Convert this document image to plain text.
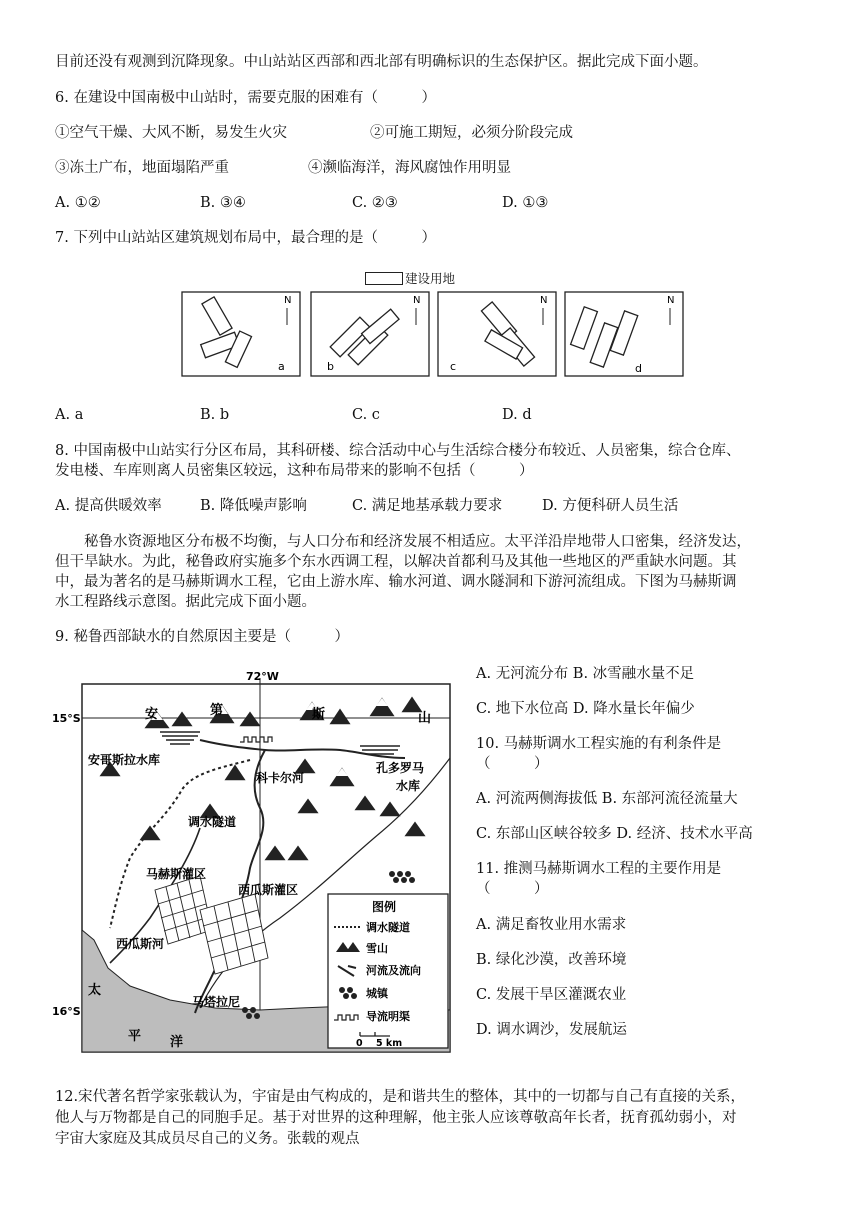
目前还没有观测到沉降现象。中山站站区西部和西北部有明确标识的生态保护区。据此完成下面小题。
6. 在建设中国南极中山站时，需要克服的困难有（　　　）
①空气干燥、大风不断，易发生火灾	②可施工期短，必须分阶段完成
③冻土广布，地面塌陷严重	④濒临海洋，海风腐蚀作用明显
A. ①②	B. ③④	C. ②③	D. ①③
7. 下列中山站站区建筑规划布局中，最合理的是（　　　）
建设用地
N
a
N
b
N
c
N
d
A. a	B. b	C. c	D. d
8. 中国南极中山站实行分区布局，其科研楼、综合活动中心与生活综合楼分布较近、人员密集，综合仓库、
发电楼、车库则离人员密集区较远，这种布局带来的影响不包括（　　　）
A. 提高供暖效率	B. 降低噪声影响	C. 满足地基承载力要求	D. 方便科研人员生活
　　秘鲁水资源地区分布极不均衡，与人口分布和经济发展不相适应。太平洋沿岸地带人口密集，经济发达，
但干旱缺水。为此，秘鲁政府实施多个东水西调工程，以解决首都利马及其他一些地区的严重缺水问题。其
中，最为著名的是马赫斯调水工程，它由上游水库、输水河道、调水隧洞和下游河流组成。下图为马赫斯调
水工程路线示意图。据此完成下面小题。
9. 秘鲁西部缺水的自然原因主要是（　　　）
72°W
15°S
16°S
太
平 洋
安	第	斯	山
安哥斯拉水库
孔多罗马
水库
科卡尔河
调水隧道
马赫斯灌区
西瓜斯灌区
西瓜斯河
马塔拉尼
图例
调水隧道
雪山
河流及流向
城镇
导流明渠
0 5 km
A. 无河流分布 B. 冰雪融水量不足
C. 地下水位高 D. 降水量长年偏少
10. 马赫斯调水工程实施的有利条件是
（　　　）
A. 河流两侧海拔低 B. 东部河流径流量大
C. 东部山区峡谷较多 D. 经济、技术水平高
11. 推测马赫斯调水工程的主要作用是
（　　　）
A. 满足畜牧业用水需求
B. 绿化沙漠，改善环境
C. 发展干旱区灌溉农业
D. 调水调沙，发展航运
12.宋代著名哲学家张载认为，宇宙是由气构成的，是和谐共生的整体，其中的一切都与自己有直接的关系，
他人与万物都是自己的同胞手足。基于对世界的这种理解，他主张人应该尊敬高年长者，抚育孤幼弱小，对
宇宙大家庭及其成员尽自己的义务。张载的观点
